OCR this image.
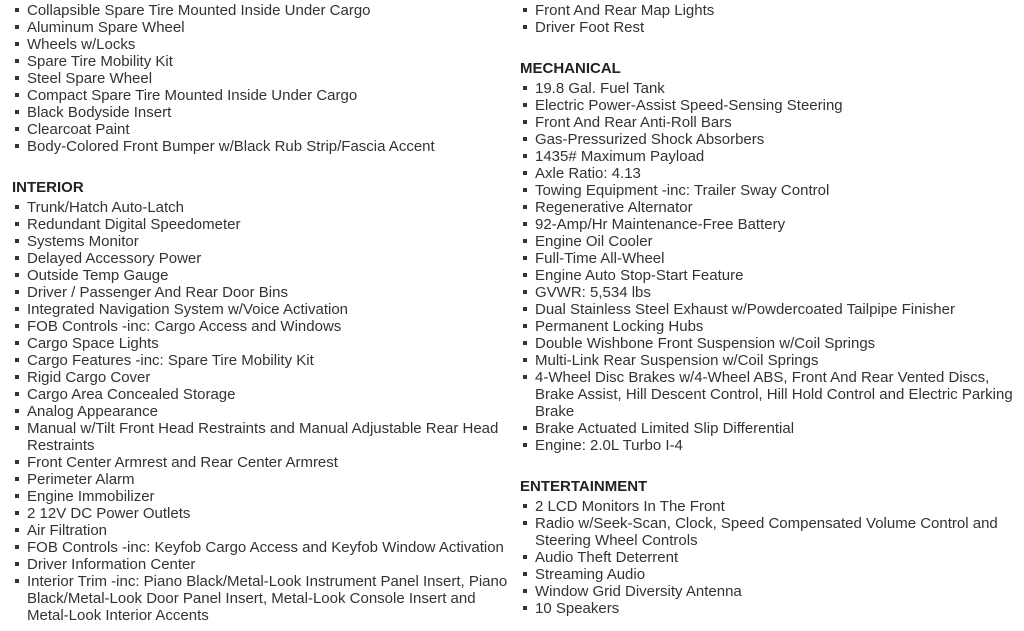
Collapsible Spare Tire Mounted Inside Under Cargo
Aluminum Spare Wheel
Wheels w/Locks
Spare Tire Mobility Kit
Steel Spare Wheel
Compact Spare Tire Mounted Inside Under Cargo
Black Bodyside Insert
Clearcoat Paint
Body-Colored Front Bumper w/Black Rub Strip/Fascia Accent
INTERIOR
Trunk/Hatch Auto-Latch
Redundant Digital Speedometer
Systems Monitor
Delayed Accessory Power
Outside Temp Gauge
Driver / Passenger And Rear Door Bins
Integrated Navigation System w/Voice Activation
FOB Controls -inc: Cargo Access and Windows
Cargo Space Lights
Cargo Features -inc: Spare Tire Mobility Kit
Rigid Cargo Cover
Cargo Area Concealed Storage
Analog Appearance
Manual w/Tilt Front Head Restraints and Manual Adjustable Rear Head Restraints
Front Center Armrest and Rear Center Armrest
Perimeter Alarm
Engine Immobilizer
2 12V DC Power Outlets
Air Filtration
FOB Controls -inc: Keyfob Cargo Access and Keyfob Window Activation
Driver Information Center
Interior Trim -inc: Piano Black/Metal-Look Instrument Panel Insert, Piano Black/Metal-Look Door Panel Insert, Metal-Look Console Insert and Metal-Look Interior Accents
Front And Rear Map Lights
Driver Foot Rest
MECHANICAL
19.8 Gal. Fuel Tank
Electric Power-Assist Speed-Sensing Steering
Front And Rear Anti-Roll Bars
Gas-Pressurized Shock Absorbers
1435# Maximum Payload
Axle Ratio: 4.13
Towing Equipment -inc: Trailer Sway Control
Regenerative Alternator
92-Amp/Hr Maintenance-Free Battery
Engine Oil Cooler
Full-Time All-Wheel
Engine Auto Stop-Start Feature
GVWR: 5,534 lbs
Dual Stainless Steel Exhaust w/Powdercoated Tailpipe Finisher
Permanent Locking Hubs
Double Wishbone Front Suspension w/Coil Springs
Multi-Link Rear Suspension w/Coil Springs
4-Wheel Disc Brakes w/4-Wheel ABS, Front And Rear Vented Discs, Brake Assist, Hill Descent Control, Hill Hold Control and Electric Parking Brake
Brake Actuated Limited Slip Differential
Engine: 2.0L Turbo I-4
ENTERTAINMENT
2 LCD Monitors In The Front
Radio w/Seek-Scan, Clock, Speed Compensated Volume Control and Steering Wheel Controls
Audio Theft Deterrent
Streaming Audio
Window Grid Diversity Antenna
10 Speakers
